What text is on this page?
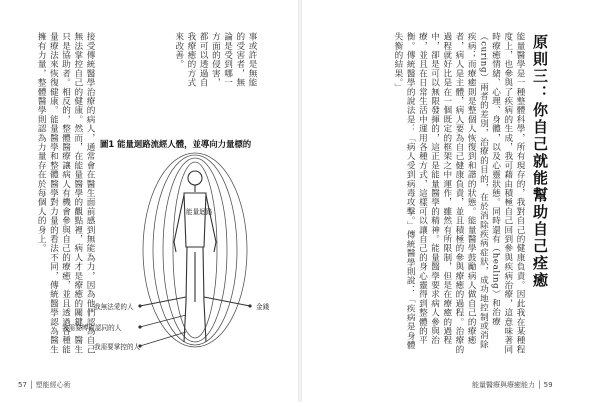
原則三：你自己就能幫助自己痊癒

能量醫學是一種整體科學，所有現存的，我對自己的健康負責。因此我在某種程度上，也參與了疾病的生成，我可藉由積極自己回到參與疾病治療，這意味著同時療癒情緒、心理、身體，以及心靈狀態。同時還有（healing）和治療（curing）兩者的差別，治療的目的，在於消除疾病症狀，成功地控制或消除疾病；而療癒則是整個人恢復到和諧的狀態。能量醫學鼓勵病人做自己的療癒者，病人是主體，病人要為自己健康負責，並且積極的參與療癒的過程。治療的過程就好比是在一個既定的框架之中運作，雖然有所限制，但是在療癒的過程中，卻是可以無限發揮的，這正是能量醫學的精神。能量醫學要求病人參與治療，並且在日常生活中運用各種方式，這樣可以讓自己的身心靈得到整體的平衡。傳統醫學的說法是：「病人受到病毒攻擊。」傳統醫學則說：「疾病是身體失衡的結果。」

事或許是無能的受害者，無論是受到哪一方面的侵害，都可以透過自我療癒的方式來改善。

接受傳統醫學治療的病人，通常會在醫生面前感到無能為力，因為他們認為自己無法掌控自己的健康。然而，在能量醫學的觀點裡，病人才是療癒的關鍵，醫生只是協助者。相反的，整體醫療讓病人有機會參與自己的療癒，並且透過各種能量療法來恢復健康。能量醫學和整體醫學對力量的看法不同，傳統醫學認為醫生擁有力量，整體醫學則認為力量存在於每個人的身上。	圖1 能量迴路流經人體，並導向力量標的
能量迴路
金錢
我無法愛的人
我需要博取認同的人
我需要掌控的人
57 │ 塑能經心術	能量醫療與療癒能力 │ 59
